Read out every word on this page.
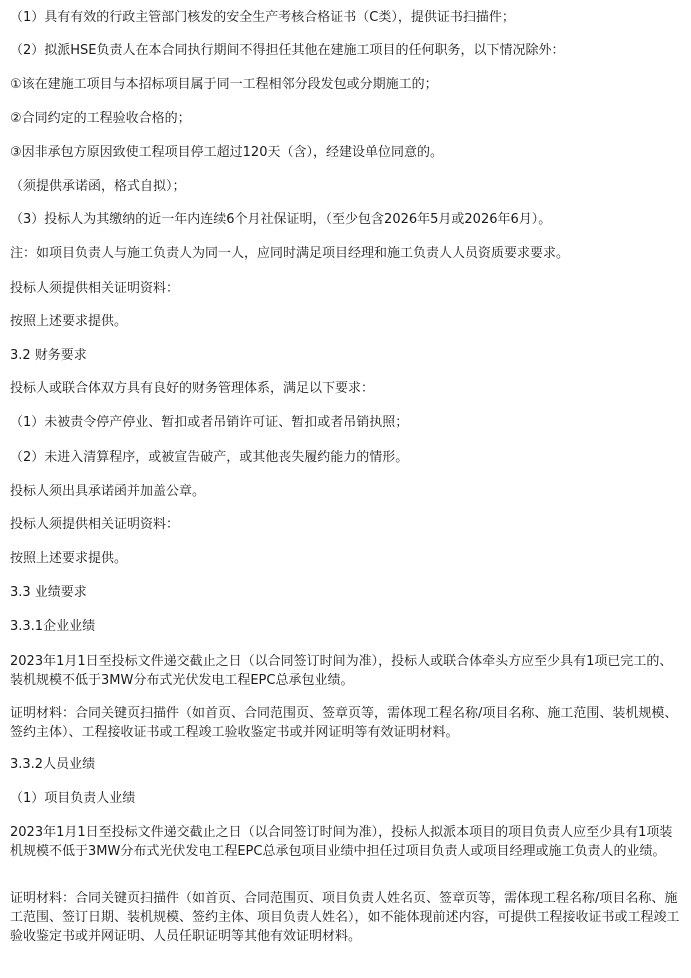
（1）具有有效的行政主管部门核发的安全生产考核合格证书（C类），提供证书扫描件；
（2）拟派HSE负责人在本合同执行期间不得担任其他在建施工项目的任何职务，以下情况除外：
①该在建施工项目与本招标项目属于同一工程相邻分段发包或分期施工的；
②合同约定的工程验收合格的；
③因非承包方原因致使工程项目停工超过120天（含），经建设单位同意的。
（须提供承诺函，格式自拟）；
（3）投标人为其缴纳的近一年内连续6个月社保证明，（至少包含2026年5月或2026年6月）。
注：如项目负责人与施工负责人为同一人，应同时满足项目经理和施工负责人人员资质要求要求。
投标人须提供相关证明资料：
按照上述要求提供。
3.2 财务要求
投标人或联合体双方具有良好的财务管理体系，满足以下要求：
（1）未被责令停产停业、暂扣或者吊销许可证、暂扣或者吊销执照；
（2）未进入清算程序，或被宣告破产，或其他丧失履约能力的情形。
投标人须出具承诺函并加盖公章。
投标人须提供相关证明资料：
按照上述要求提供。
3.3 业绩要求
3.3.1企业业绩
2023年1月1日至投标文件递交截止之日（以合同签订时间为准），投标人或联合体牵头方应至少具有1项已完工的、装机规模不低于3MW分布式光伏发电工程EPC总承包业绩。
证明材料：合同关键页扫描件（如首页、合同范围页、签章页等，需体现工程名称/项目名称、施工范围、装机规模、签约主体）、工程接收证书或工程竣工验收鉴定书或并网证明等有效证明材料。
3.3.2人员业绩
（1）项目负责人业绩
2023年1月1日至投标文件递交截止之日（以合同签订时间为准），投标人拟派本项目的项目负责人应至少具有1项装机规模不低于3MW分布式光伏发电工程EPC总承包项目业绩中担任过项目负责人或项目经理或施工负责人的业绩。
证明材料：合同关键页扫描件（如首页、合同范围页、项目负责人姓名页、签章页等，需体现工程名称/项目名称、施工范围、签订日期、装机规模、签约主体、项目负责人姓名），如不能体现前述内容，可提供工程接收证书或工程竣工验收鉴定书或并网证明、人员任职证明等其他有效证明材料。
